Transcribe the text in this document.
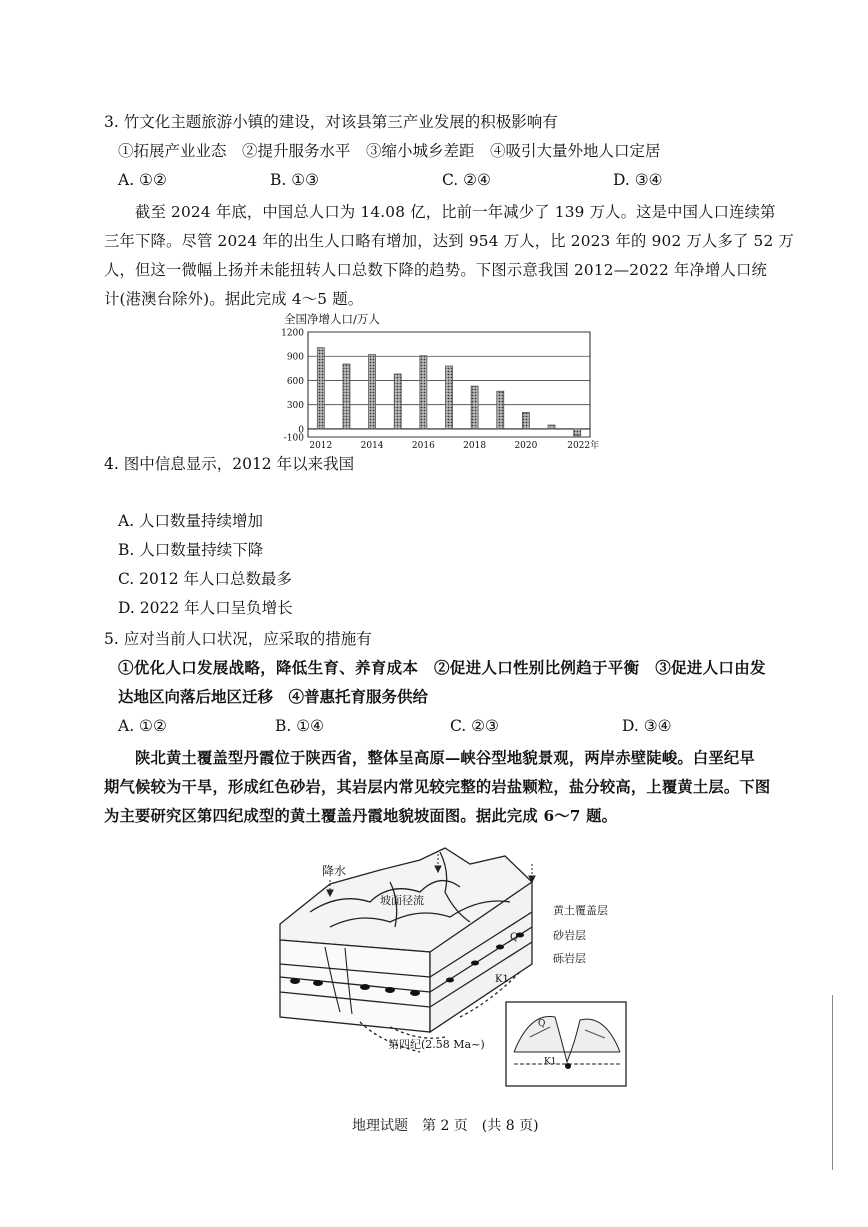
3. 竹文化主题旅游小镇的建设，对该县第三产业发展的积极影响有
①拓展产业业态　②提升服务水平　③缩小城乡差距　④吸引大量外地人口定居
A. ①②	B. ①③	C. ②④	D. ③④
截至 2024 年底，中国总人口为 14.08 亿，比前一年减少了 139 万人。这是中国人口连续第
三年下降。尽管 2024 年的出生人口略有增加，达到 954 万人，比 2023 年的 902 万人多了 52 万
人，但这一微幅上扬并未能扭转人口总数下降的趋势。下图示意我国 2012—2022 年净增人口统
计(港澳台除外)。据此完成 4～5 题。
全国净增人口/万人
1200
900
600
300
0
-100
2012	2014	2016	2018	2020	2022年
4. 图中信息显示，2012 年以来我国
A. 人口数量持续增加
B. 人口数量持续下降
C. 2012 年人口总数最多
D. 2022 年人口呈负增长
5. 应对当前人口状况，应采取的措施有
①优化人口发展战略，降低生育、养育成本　②促进人口性别比例趋于平衡　③促进人口由发
达地区向落后地区迁移　④普惠托育服务供给
A. ①②	B. ①④	C. ②③	D. ③④
陕北黄土覆盖型丹霞位于陕西省，整体呈高原—峡谷型地貌景观，两岸赤壁陡峻。白垩纪早
期气候较为干旱，形成红色砂岩，其岩层内常见较完整的岩盐颗粒，盐分较高，上覆黄土层。下图
为主要研究区第四纪成型的黄土覆盖丹霞地貌坡面图。据此完成 6～7 题。
降水
坡面径流
黄土覆盖层
砂岩层
砾岩层
Q
K1
第四纪(2.58 Ma~)
Q
K1
地理试题　第 2 页　(共 8 页)
